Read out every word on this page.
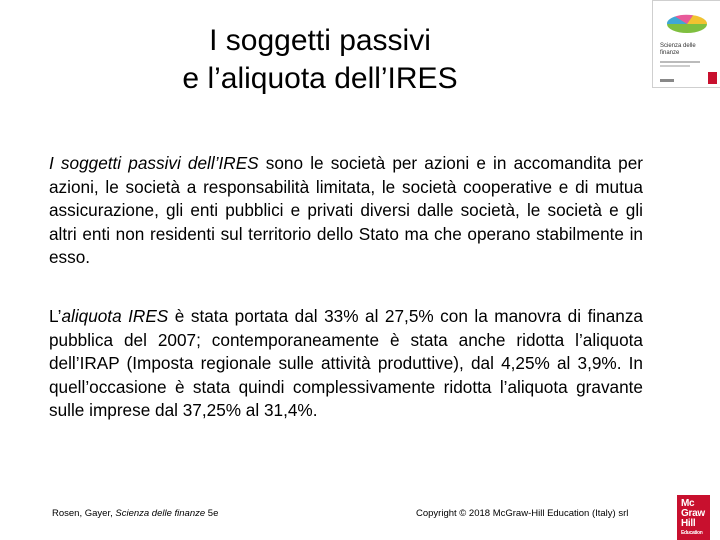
I soggetti passivi
e l’aliquota dell’IRES

I soggetti passivi dell’IRES sono le società per azioni e in accomandita per azioni, le società a responsabilità limitata, le società cooperative e di mutua assicurazione, gli enti pubblici e privati diversi dalle società, le società e gli altri enti non residenti sul territorio dello Stato ma che operano stabilmente in esso.

L’aliquota IRES è stata portata dal 33% al 27,5% con la manovra di finanza pubblica del 2007; contemporaneamente è stata anche ridotta l’aliquota dell’IRAP (Imposta regionale sulle attività produttive), dal 4,25% al 3,9%. In quell’occasione è stata quindi complessivamente ridotta l’aliquota gravante sulle imprese dal 37,25% al 31,4%.

Rosen, Gayer, Scienza delle finanze 5e	Copyright © 2018 McGraw-Hill Education (Italy) srl
Scienza delle finanze
Mc
Graw
Hill
Education
